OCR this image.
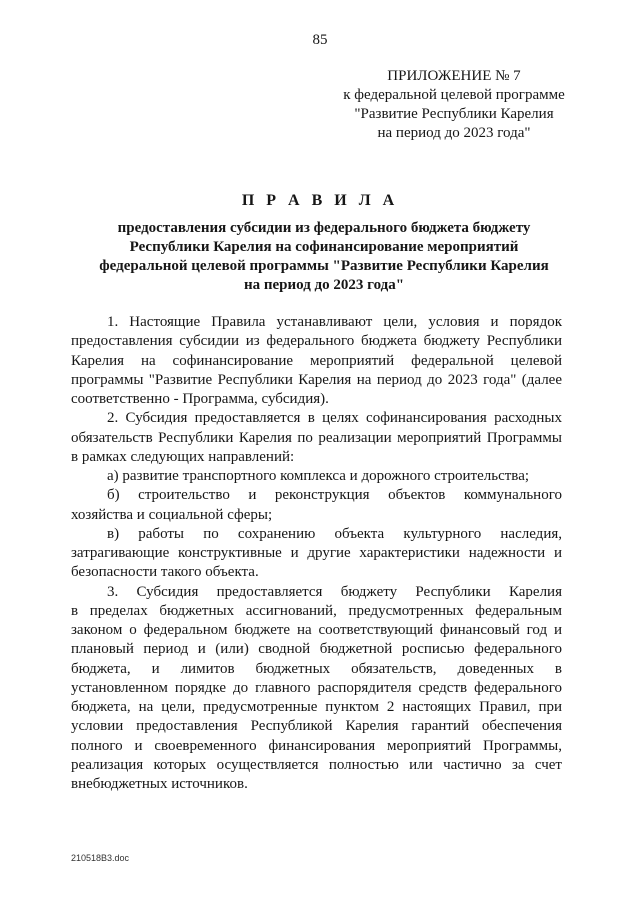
85
ПРИЛОЖЕНИЕ № 7
к федеральной целевой программе
"Развитие Республики Карелия
на период до 2023 года"
П Р А В И Л А
предоставления субсидии из федерального бюджета бюджету
Республики Карелия на софинансирование мероприятий
федеральной целевой программы "Развитие Республики Карелия
на период до 2023 года"
1. Настоящие Правила устанавливают цели, условия и порядок
предоставления субсидии из федерального бюджета бюджету Республики
Карелия на софинансирование мероприятий федеральной целевой
программы "Развитие Республики Карелия на период до 2023 года" (далее
соответственно - Программа, субсидия).
2. Субсидия предоставляется в целях софинансирования расходных
обязательств Республики Карелия по реализации мероприятий Программы
в рамках следующих направлений:
а) развитие транспортного комплекса и дорожного строительства;
б) строительство и реконструкция объектов коммунального
хозяйства и социальной сферы;
в) работы по сохранению объекта культурного наследия,
затрагивающие конструктивные и другие характеристики надежности и
безопасности такого объекта.
3. Субсидия предоставляется бюджету Республики Карелия
в пределах бюджетных ассигнований, предусмотренных федеральным
законом о федеральном бюджете на соответствующий финансовый год и
плановый период и (или) сводной бюджетной росписью федерального
бюджета, и лимитов бюджетных обязательств, доведенных в
установленном порядке до главного распорядителя средств федерального
бюджета, на цели, предусмотренные пунктом 2 настоящих Правил, при
условии предоставления Республикой Карелия гарантий обеспечения
полного и своевременного финансирования мероприятий Программы,
реализация которых осуществляется полностью или частично за счет
внебюджетных источников.
210518B3.doc
